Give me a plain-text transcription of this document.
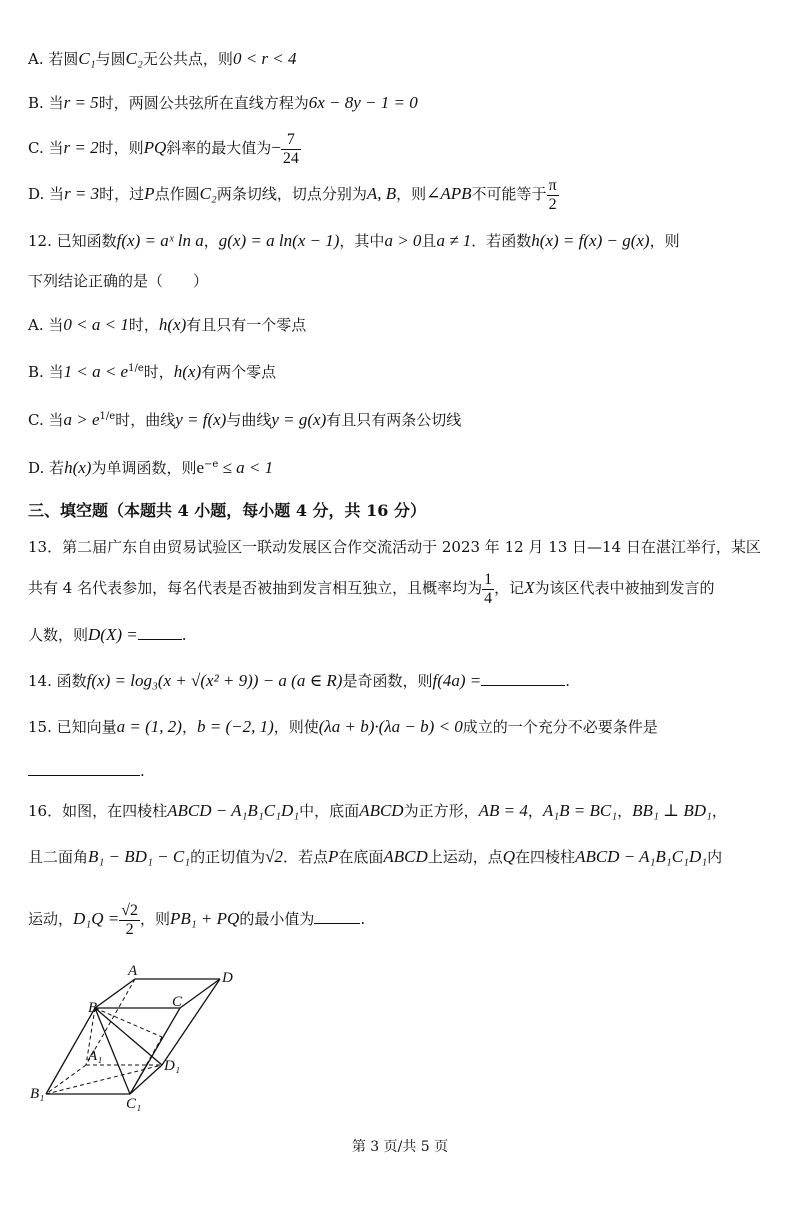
A. 若圆C₁与圆C₂无公共点，则0 < r < 4
B. 当r = 5时，两圆公共弦所在直线方程为6x − 8y − 1 = 0
C. 当r = 2时，则PQ斜率的最大值为− $\frac{7}{24}$
D. 当r = 3时，过P点作圆C₂两条切线，切点分别为A, B，则∠APB不可能等于 $\frac{\pi}{2}$
12. 已知函数f(x) = aˣ ln a，g(x) = a ln(x − 1)，其中a > 0且a ≠ 1．若函数h(x) = f(x) − g(x)，则
下列结论正确的是（　　）
A. 当0 < a < 1时，h(x)有且只有一个零点
B. 当$1 < a < e^{1/e}$时，h(x)有两个零点
C. 当$a > e^{1/e}$时，曲线y = f(x)与曲线y = g(x)有且只有两条公切线
D. 若h(x)为单调函数，则$e^{-e} \le a < 1$
三、填空题（本题共 4 小题，每小题 4 分，共 16 分）
13．第二届广东自由贸易试验区一联动发展区合作交流活动于 2023 年 12 月 13 日—14 日在湛江举行，某区
共有 4 名代表参加，每名代表是否被抽到发言相互独立，且概率均为 $\frac{1}{4}$ ，记X为该区代表中被抽到发言的
人数，则D(X) =	.
14. 函数f(x) = log₃(x + √(x² + 9)) − a (a ∈ R)是奇函数，则f(4a) =	.
15. 已知向量a = (1, 2)，b = (−2, 1)，则使(λa + b)·(λa − b) < 0成立的一个充分不必要条件是
.
16．如图，在四棱柱ABCD − A₁B₁C₁D₁中，底面ABCD为正方形，AB = 4，A₁B = BC₁，BB₁ ⊥ BD₁，
且二面角B₁ − BD₁ − C₁的正切值为√2．若点P在底面ABCD上运动，点Q在四棱柱ABCD − A₁B₁C₁D₁内
运动，$D_1Q = \frac{√2}{2}$ ，则PB₁ + PQ的最小值为	.
A
B	C
D
A₁
B₁
C₁
D₁
第 3 页/共 5 页
